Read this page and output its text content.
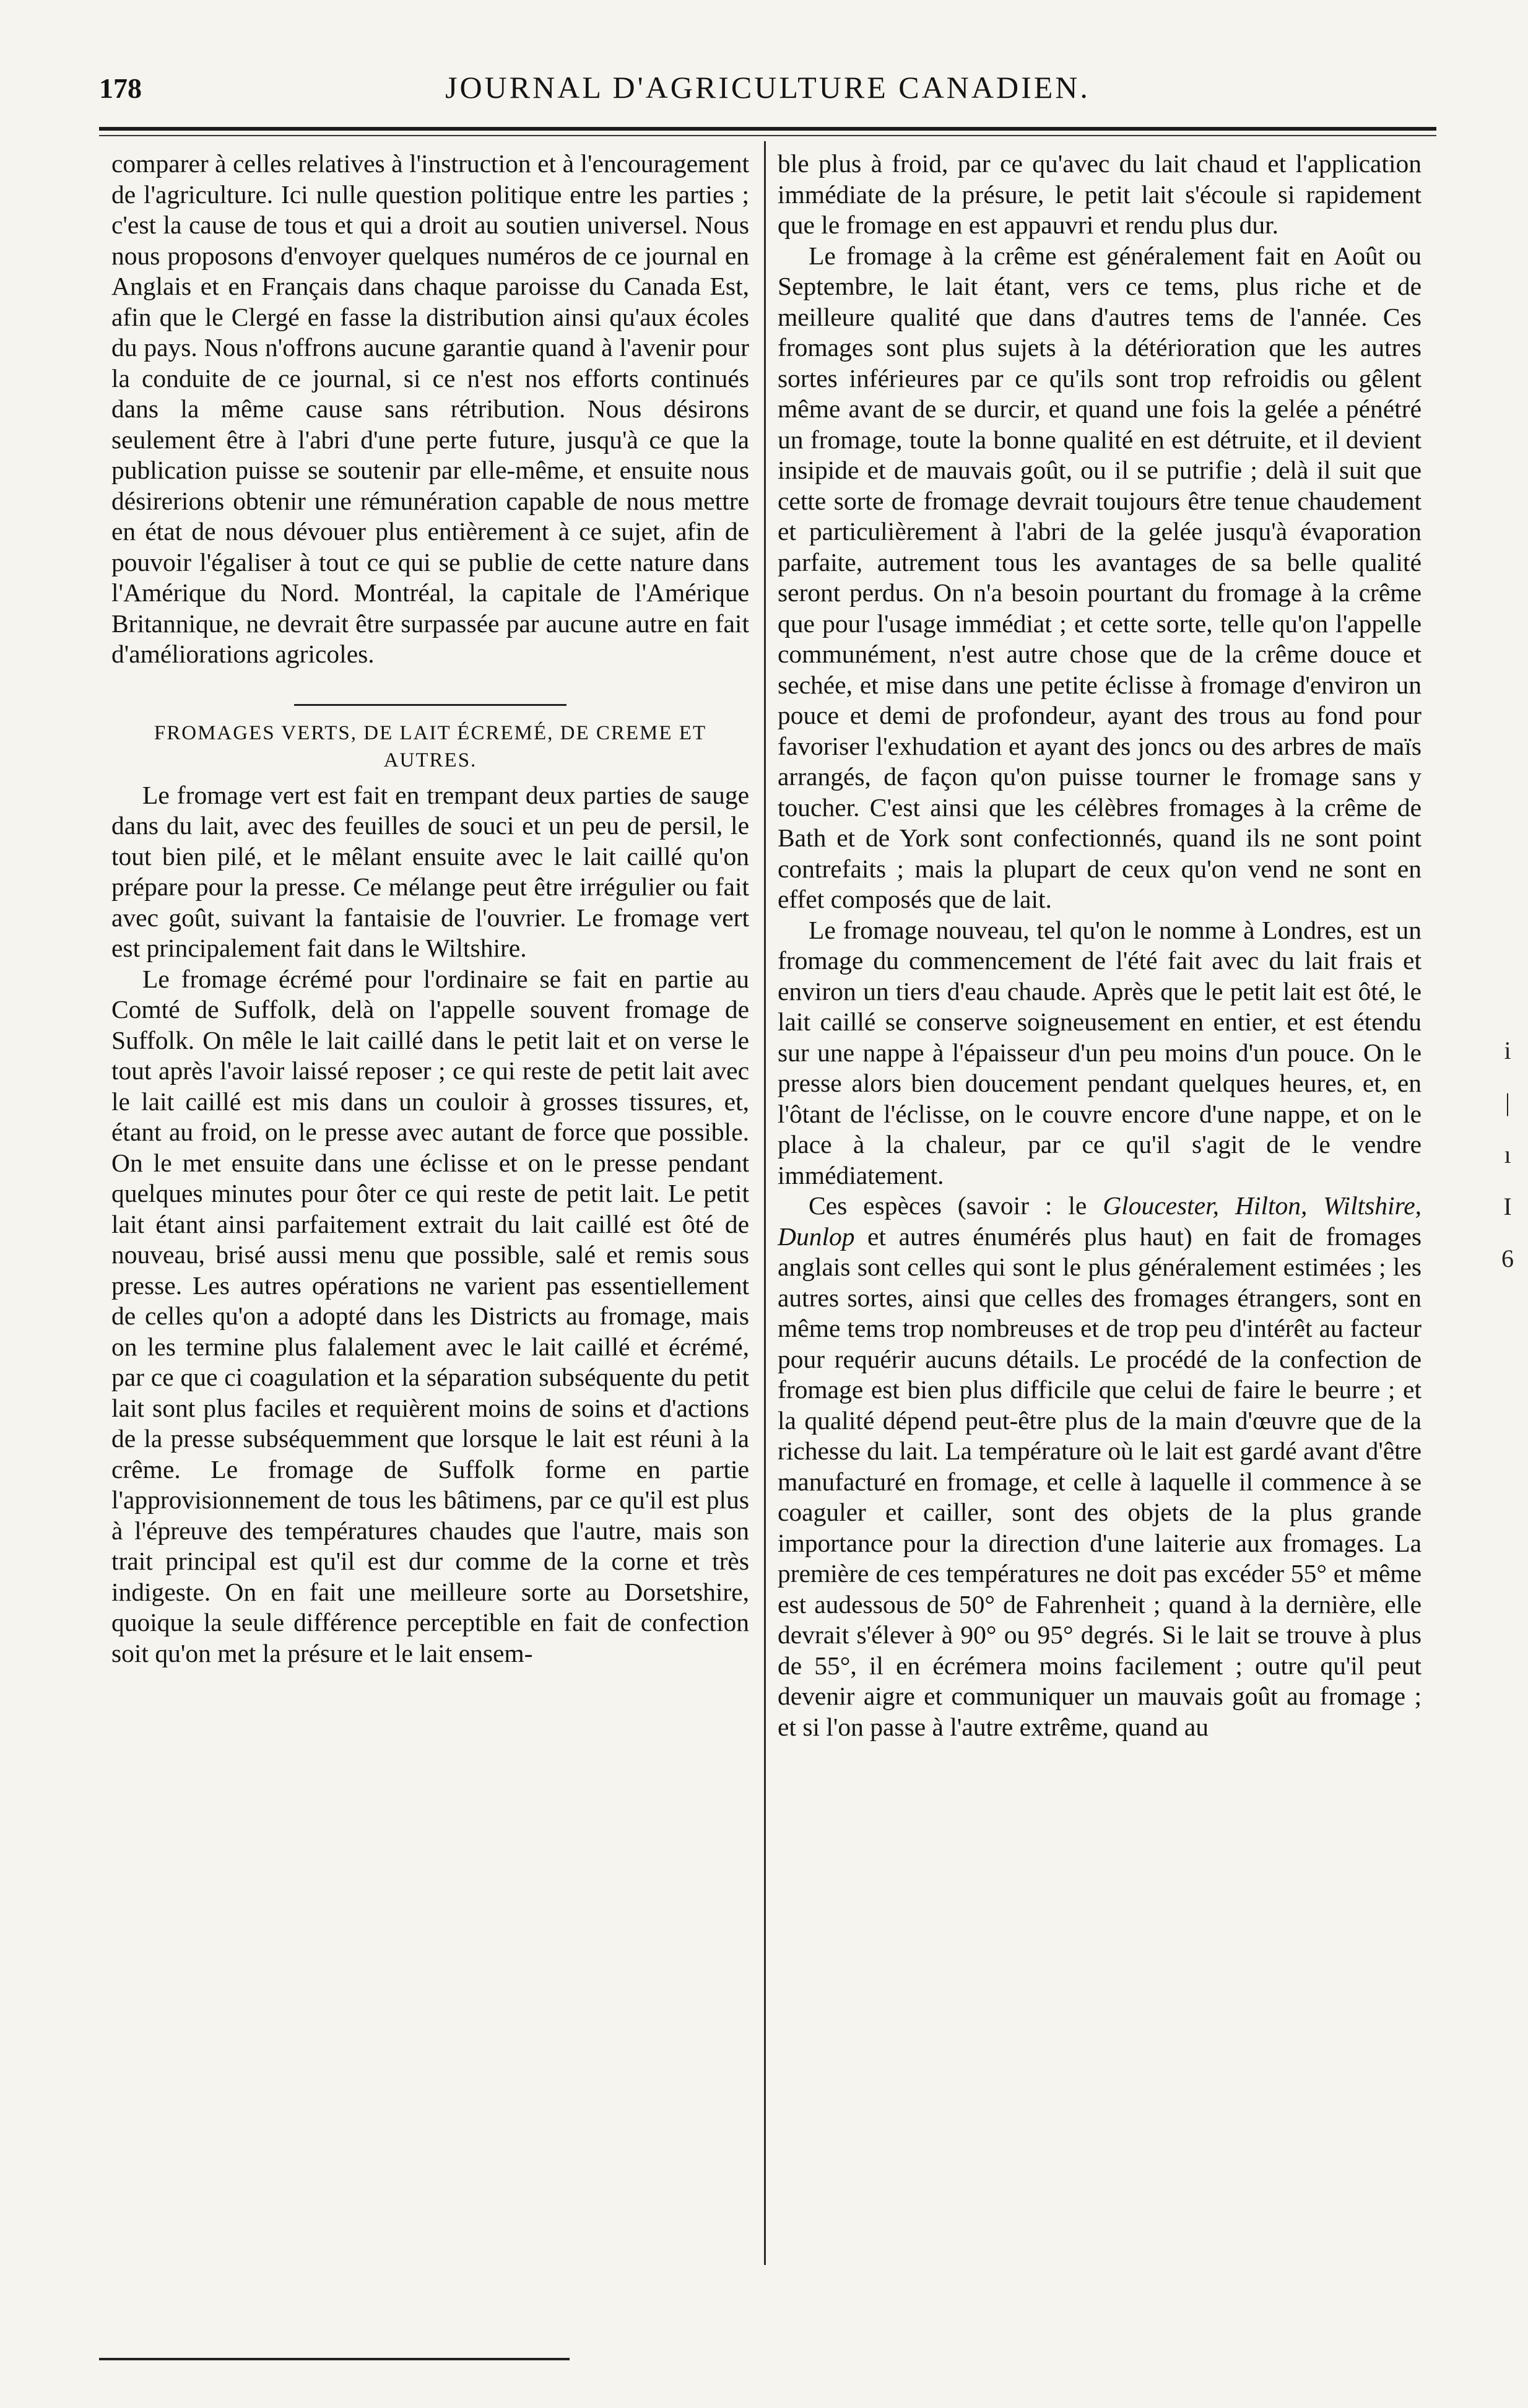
178	JOURNAL D'AGRICULTURE CANADIEN.

comparer à celles relatives à l'instruction et à l'encouragement de l'agriculture. Ici nulle question politique entre les parties ; c'est la cause de tous et qui a droit au soutien universel. Nous nous proposons d'envoyer quelques numéros de ce journal en Anglais et en Français dans chaque paroisse du Canada Est, afin que le Clergé en fasse la distribution ainsi qu'aux écoles du pays. Nous n'offrons aucune garantie quand à l'avenir pour la conduite de ce journal, si ce n'est nos efforts continués dans la même cause sans rétribution. Nous désirons seulement être à l'abri d'une perte future, jusqu'à ce que la publication puisse se soutenir par elle-même, et ensuite nous désirerions obtenir une rémunération capable de nous mettre en état de nous dévouer plus entièrement à ce sujet, afin de pouvoir l'égaliser à tout ce qui se publie de cette nature dans l'Amérique du Nord. Montréal, la capitale de l'Amérique Britannique, ne devrait être surpassée par aucune autre en fait d'améliorations agricoles.

FROMAGES VERTS, DE LAIT ÉCREMÉ, DE CREME ET AUTRES.

Le fromage vert est fait en trempant deux parties de sauge dans du lait, avec des feuilles de souci et un peu de persil, le tout bien pilé, et le mêlant ensuite avec le lait caillé qu'on prépare pour la presse. Ce mélange peut être irrégulier ou fait avec goût, suivant la fantaisie de l'ouvrier. Le fromage vert est principalement fait dans le Wiltshire.

Le fromage écrémé pour l'ordinaire se fait en partie au Comté de Suffolk, delà on l'appelle souvent fromage de Suffolk. On mêle le lait caillé dans le petit lait et on verse le tout après l'avoir laissé reposer ; ce qui reste de petit lait avec le lait caillé est mis dans un couloir à grosses tissures, et, étant au froid, on le presse avec autant de force que possible. On le met ensuite dans une éclisse et on le presse pendant quelques minutes pour ôter ce qui reste de petit lait. Le petit lait étant ainsi parfaitement extrait du lait caillé est ôté de nouveau, brisé aussi menu que possible, salé et remis sous presse. Les autres opérations ne varient pas essentiellement de celles qu'on a adopté dans les Districts au fromage, mais on les termine plus falalement avec le lait caillé et écrémé, par ce que ci coagulation et la séparation subséquente du petit lait sont plus faciles et requièrent moins de soins et d'actions de la presse subséquemment que lorsque le lait est réuni à la crême. Le fromage de Suffolk forme en partie l'approvisionnement de tous les bâtimens, par ce qu'il est plus à l'épreuve des températures chaudes que l'autre, mais son trait principal est qu'il est dur comme de la corne et très indigeste. On en fait une meilleure sorte au Dorsetshire, quoique la seule différence perceptible en fait de confection soit qu'on met la présure et le lait ensem-

ble plus à froid, par ce qu'avec du lait chaud et l'application immédiate de la présure, le petit lait s'écoule si rapidement que le fromage en est appauvri et rendu plus dur.

Le fromage à la crême est généralement fait en Août ou Septembre, le lait étant, vers ce tems, plus riche et de meilleure qualité que dans d'autres tems de l'année. Ces fromages sont plus sujets à la détérioration que les autres sortes inférieures par ce qu'ils sont trop refroidis ou gêlent même avant de se durcir, et quand une fois la gelée a pénétré un fromage, toute la bonne qualité en est détruite, et il devient insipide et de mauvais goût, ou il se putrifie ; delà il suit que cette sorte de fromage devrait toujours être tenue chaudement et particulièrement à l'abri de la gelée jusqu'à évaporation parfaite, autrement tous les avantages de sa belle qualité seront perdus. On n'a besoin pourtant du fromage à la crême que pour l'usage immédiat ; et cette sorte, telle qu'on l'appelle communément, n'est autre chose que de la crême douce et sechée, et mise dans une petite éclisse à fromage d'environ un pouce et demi de profondeur, ayant des trous au fond pour favoriser l'exhudation et ayant des joncs ou des arbres de maïs arrangés, de façon qu'on puisse tourner le fromage sans y toucher. C'est ainsi que les célèbres fromages à la crême de Bath et de York sont confectionnés, quand ils ne sont point contrefaits ; mais la plupart de ceux qu'on vend ne sont en effet composés que de lait.

Le fromage nouveau, tel qu'on le nomme à Londres, est un fromage du commencement de l'été fait avec du lait frais et environ un tiers d'eau chaude. Après que le petit lait est ôté, le lait caillé se conserve soigneusement en entier, et est étendu sur une nappe à l'épaisseur d'un peu moins d'un pouce. On le presse alors bien doucement pendant quelques heures, et, en l'ôtant de l'éclisse, on le couvre encore d'une nappe, et on le place à la chaleur, par ce qu'il s'agit de le vendre immédiatement.

Ces espèces (savoir : le Gloucester, Hilton, Wiltshire, Dunlop et autres énumérés plus haut) en fait de fromages anglais sont celles qui sont le plus généralement estimées ; les autres sortes, ainsi que celles des fromages étrangers, sont en même tems trop nombreuses et de trop peu d'intérêt au facteur pour requérir aucuns détails. Le procédé de la confection de fromage est bien plus difficile que celui de faire le beurre ; et la qualité dépend peut-être plus de la main d'œuvre que de la richesse du lait. La température où le lait est gardé avant d'être manufacturé en fromage, et celle à laquelle il commence à se coaguler et cailler, sont des objets de la plus grande importance pour la direction d'une laiterie aux fromages. La première de ces températures ne doit pas excéder 55° et même est audessous de 50° de Fahrenheit ; quand à la dernière, elle devrait s'élever à 90° ou 95° degrés. Si le lait se trouve à plus de 55°, il en écrémera moins facilement ; outre qu'il peut devenir aigre et communiquer un mauvais goût au fromage ; et si l'on passe à l'autre extrême, quand au

i
|
ı
I
6
